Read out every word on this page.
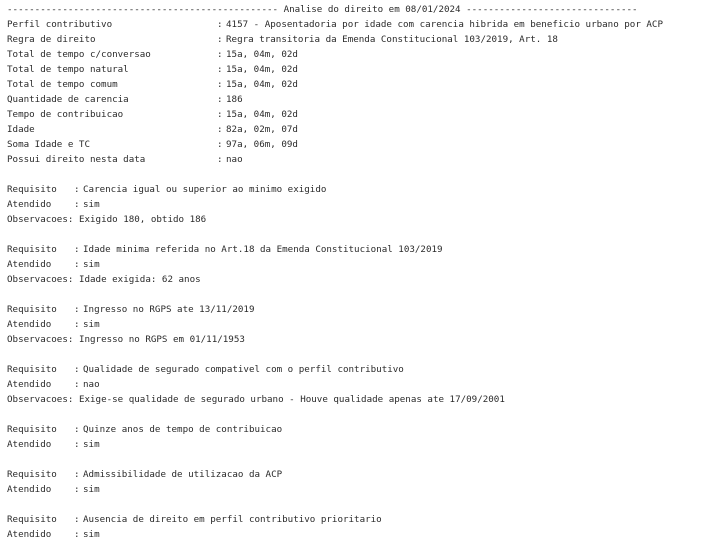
------------------------------------------------- Analise do direito em 08/01/2024 -------------------------------
Perfil contributivo	: 4157 - Aposentadoria por idade com carencia hibrida em beneficio urbano por ACP
Regra de direito	: Regra transitoria da Emenda Constitucional 103/2019, Art. 18
Total de tempo c/conversao	: 15a, 04m, 02d
Total de tempo natural	: 15a, 04m, 02d
Total de tempo comum	: 15a, 04m, 02d
Quantidade de carencia	: 186
Tempo de contribuicao	: 15a, 04m, 02d
Idade	: 82a, 02m, 07d
Soma Idade e TC	: 97a, 06m, 09d
Possui direito nesta data	: nao
Requisito	: Carencia igual ou superior ao minimo exigido
Atendido	: sim
Observacoes :
Exigido 180, obtido 186
Requisito	: Idade minima referida no Art.18 da Emenda Constitucional 103/2019
Atendido	: sim
Observacoes :
Idade exigida: 62 anos
Requisito	: Ingresso no RGPS ate 13/11/2019
Atendido	: sim
Observacoes :
Ingresso no RGPS em 01/11/1953
Requisito	: Qualidade de segurado compativel com o perfil contributivo
Atendido	: nao
Observacoes :
Exige-se qualidade de segurado urbano - Houve qualidade apenas ate 17/09/2001
Requisito	: Quinze anos de tempo de contribuicao
Atendido	: sim
Requisito	: Admissibilidade de utilizacao da ACP
Atendido	: sim
Requisito	: Ausencia de direito em perfil contributivo prioritario
Atendido	: sim
